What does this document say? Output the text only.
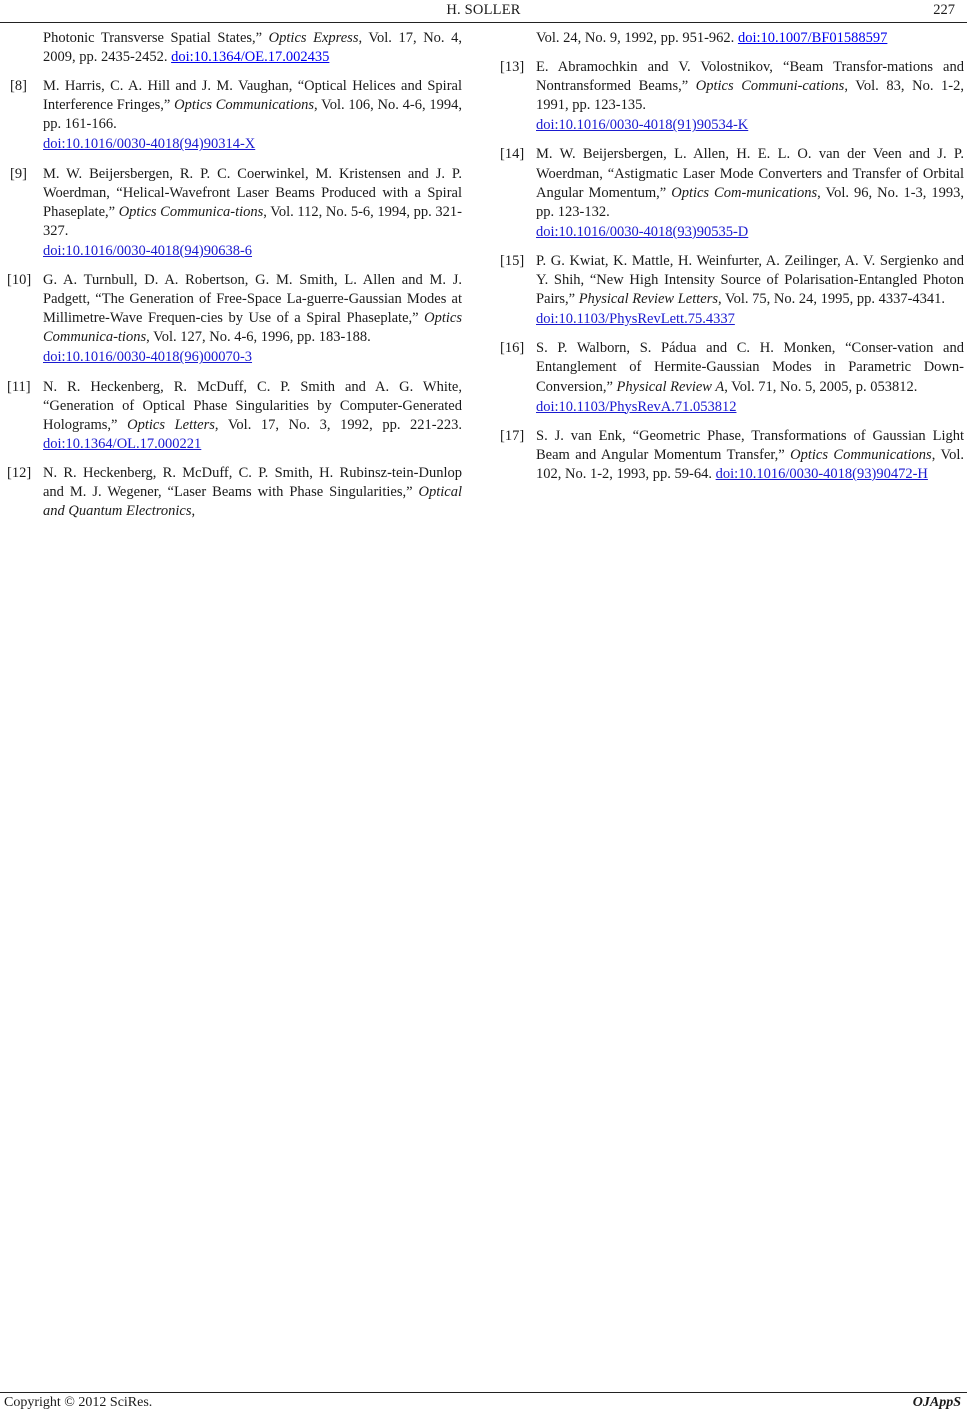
H. SOLLER	227
Photonic Transverse Spatial States,” Optics Express, Vol. 17, No. 4, 2009, pp. 2435-2452. doi:10.1364/OE.17.002435
[8] M. Harris, C. A. Hill and J. M. Vaughan, “Optical Helices and Spiral Interference Fringes,” Optics Communications, Vol. 106, No. 4-6, 1994, pp. 161-166.
doi:10.1016/0030-4018(94)90314-X
[9] M. W. Beijersbergen, R. P. C. Coerwinkel, M. Kristensen and J. P. Woerdman, “Helical-Wavefront Laser Beams Produced with a Spiral Phaseplate,” Optics Communica-tions, Vol. 112, No. 5-6, 1994, pp. 321-327.
doi:10.1016/0030-4018(94)90638-6
[10] G. A. Turnbull, D. A. Robertson, G. M. Smith, L. Allen and M. J. Padgett, “The Generation of Free-Space La-guerre-Gaussian Modes at Millimetre-Wave Frequen-cies by Use of a Spiral Phaseplate,” Optics Communica-tions, Vol. 127, No. 4-6, 1996, pp. 183-188.
doi:10.1016/0030-4018(96)00070-3
[11] N. R. Heckenberg, R. McDuff, C. P. Smith and A. G. White, “Generation of Optical Phase Singularities by Computer-Generated Holograms,” Optics Letters, Vol. 17, No. 3, 1992, pp. 221-223. doi:10.1364/OL.17.000221
[12] N. R. Heckenberg, R. McDuff, C. P. Smith, H. Rubinsz-tein-Dunlop and M. J. Wegener, “Laser Beams with Phase Singularities,” Optical and Quantum Electronics,
Vol. 24, No. 9, 1992, pp. 951-962. doi:10.1007/BF01588597
[13] E. Abramochkin and V. Volostnikov, “Beam Transfor-mations and Nontransformed Beams,” Optics Communi-cations, Vol. 83, No. 1-2, 1991, pp. 123-135.
doi:10.1016/0030-4018(91)90534-K
[14] M. W. Beijersbergen, L. Allen, H. E. L. O. van der Veen and J. P. Woerdman, “Astigmatic Laser Mode Converters and Transfer of Orbital Angular Momentum,” Optics Com-munications, Vol. 96, No. 1-3, 1993, pp. 123-132.
doi:10.1016/0030-4018(93)90535-D
[15] P. G. Kwiat, K. Mattle, H. Weinfurter, A. Zeilinger, A. V. Sergienko and Y. Shih, “New High Intensity Source of Polarisation-Entangled Photon Pairs,” Physical Review Letters, Vol. 75, No. 24, 1995, pp. 4337-4341.
doi:10.1103/PhysRevLett.75.4337
[16] S. P. Walborn, S. Pádua and C. H. Monken, “Conser-vation and Entanglement of Hermite-Gaussian Modes in Parametric Down-Conversion,” Physical Review A, Vol. 71, No. 5, 2005, p. 053812.
doi:10.1103/PhysRevA.71.053812
[17] S. J. van Enk, “Geometric Phase, Transformations of Gaussian Light Beam and Angular Momentum Transfer,” Optics Communications, Vol. 102, No. 1-2, 1993, pp. 59-64. doi:10.1016/0030-4018(93)90472-H
Copyright © 2012 SciRes.	OJAppS
